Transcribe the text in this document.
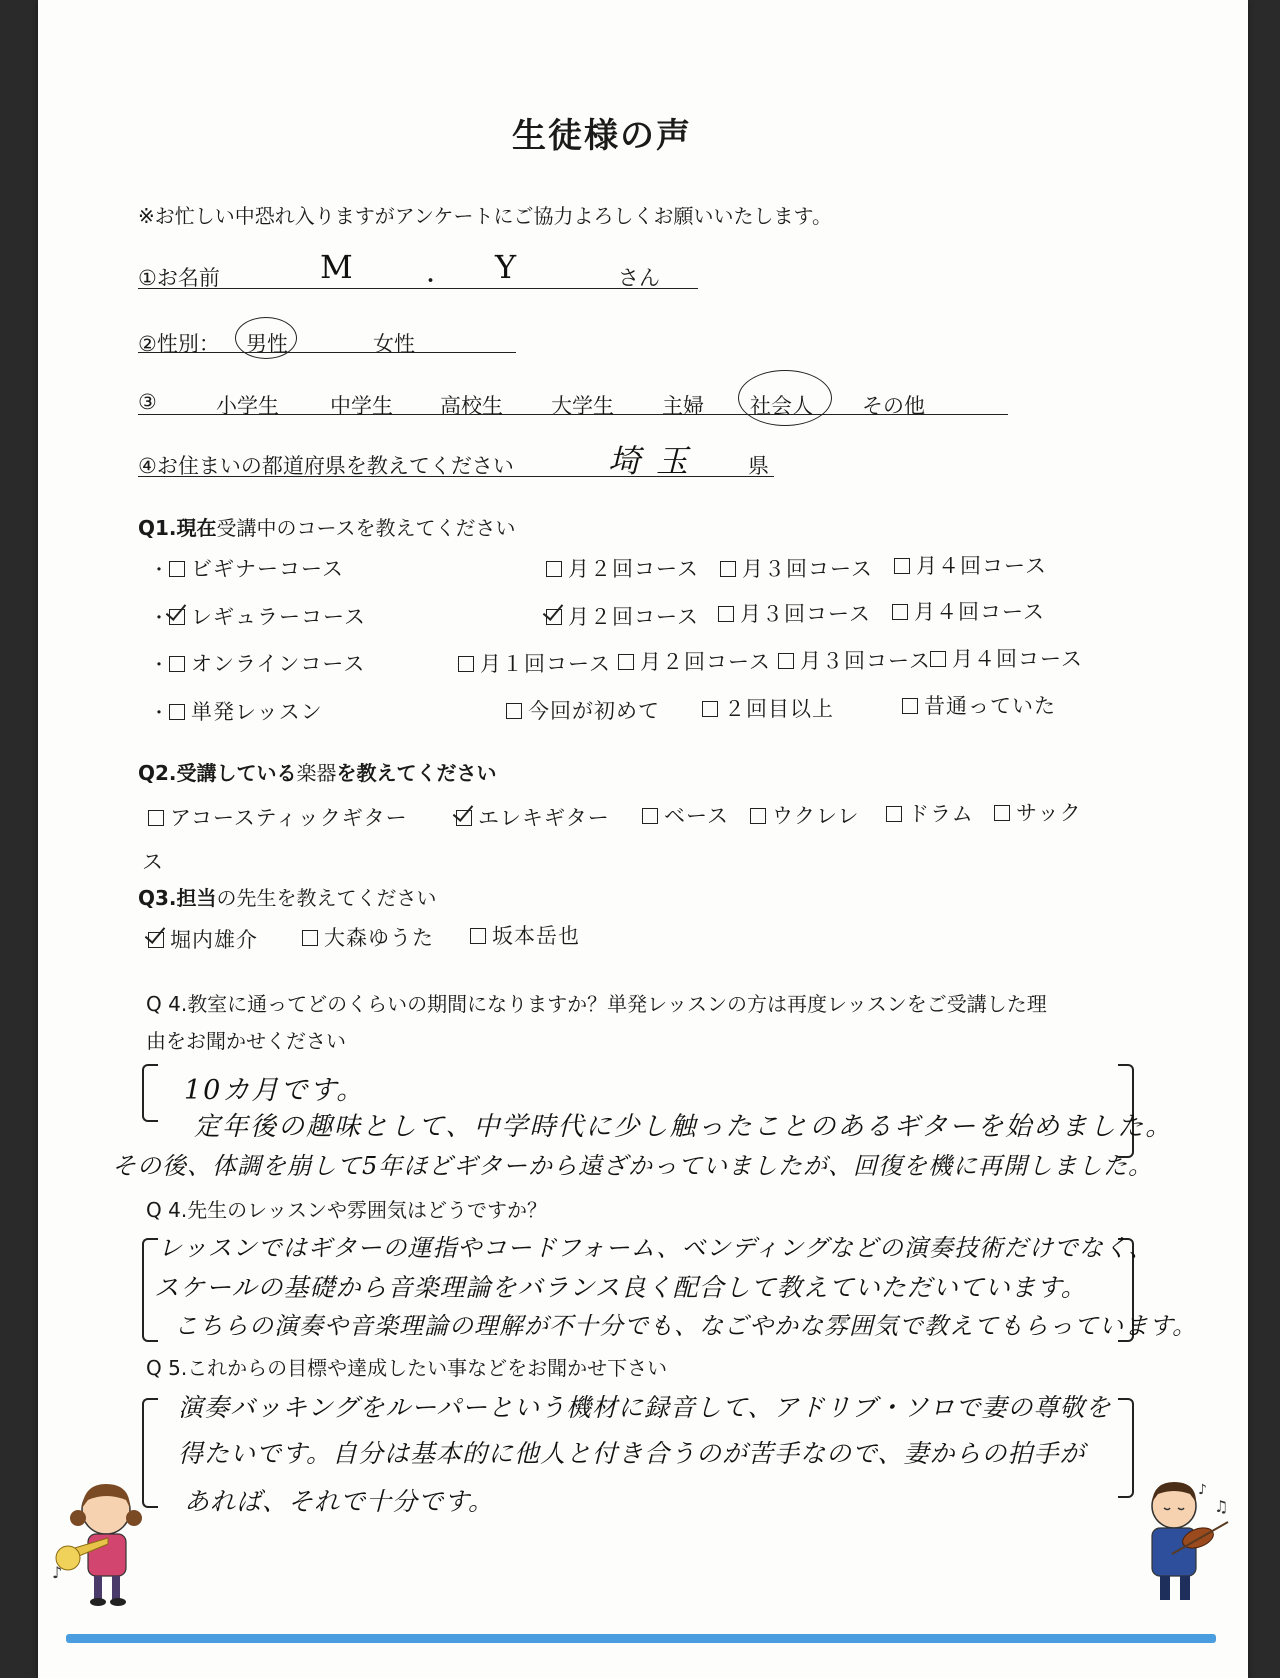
生徒様の声
※お忙しい中恐れ入りますがアンケートにご協力よろしくお願いいたします。
①お名前	M	・ Y	さん
②性別： 男性	女性
③	小学生 中学生 高校生 大学生 主婦 社会人 その他
④お住まいの都道府県を教えてください	埼玉 県
Q1.現在受講中のコースを教えてください
・ ビギナーコース	月２回コース	月３回コース	月４回コース
・ レギュラーコース	月２回コース	月３回コース	月４回コース
・ オンラインコース	月１回コース	月２回コース	月３回コース	月４回コース
・ 単発レッスン	今回が初めて	２回目以上	昔通っていた
Q2.受講している楽器を教えてください
アコースティックギター	エレキギター	ベース	ウクレレ	ドラム	サック
ス
Q3.担当の先生を教えてください
堀内雄介	大森ゆうた	坂本岳也
Q 4.教室に通ってどのくらいの期間になりますか？単発レッスンの方は再度レッスンをご受講した理
由をお聞かせください
10カ月です。
定年後の趣味として、中学時代に少し触ったことのあるギターを始めました。
その後、体調を崩して5年ほどギターから遠ざかっていましたが、回復を機に再開しました。
Q 4.先生のレッスンや雰囲気はどうですか？
レッスンではギターの運指やコードフォーム、ベンディングなどの演奏技術だけでなく、
スケールの基礎から音楽理論をバランス良く配合して教えていただいています。
こちらの演奏や音楽理論の理解が不十分でも、なごやかな雰囲気で教えてもらっています。
Q 5.これからの目標や達成したい事などをお聞かせ下さい
演奏バッキングをルーパーという機材に録音して、アドリブ・ソロで妻の尊敬を
得たいです。自分は基本的に他人と付き合うのが苦手なので、妻からの拍手が
あれば、それで十分です。
♪
♪
♫
